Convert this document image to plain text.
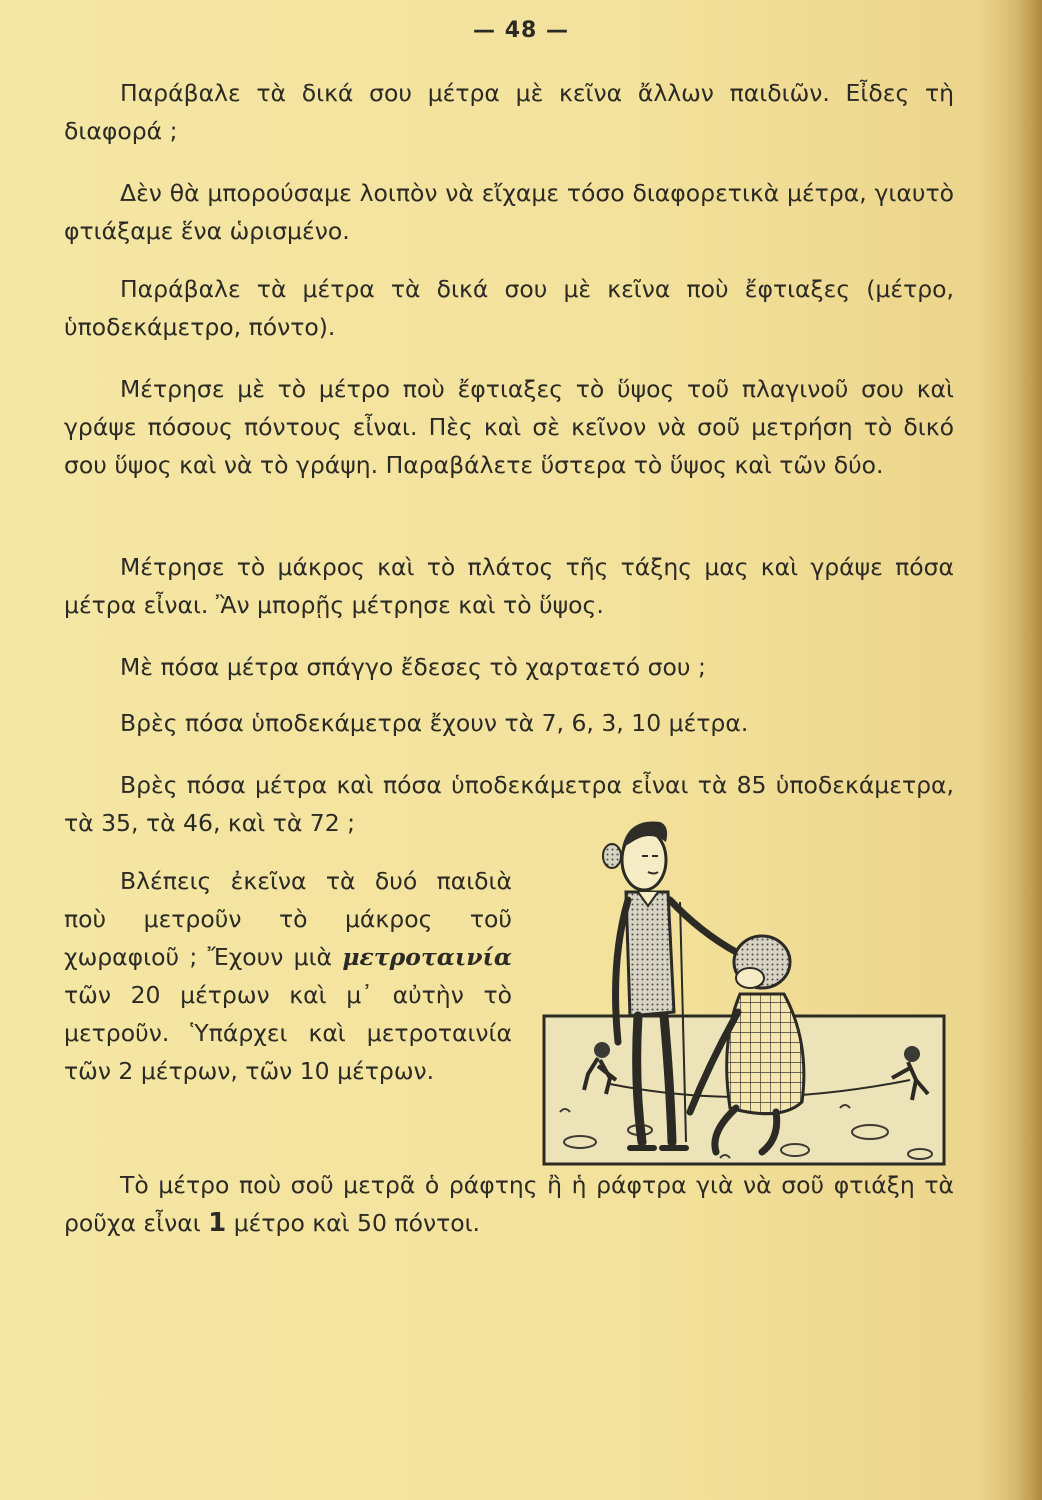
— 48 —

Παράβαλε τὰ δικά σου μέτρα μὲ κεῖνα ἄλλων παιδιῶν. Εἶδες τὴ διαφορά ;

Δὲν θὰ μπορούσαμε λοιπὸν νὰ εἴχαμε τόσο διαφορετικὰ μέτρα, γιαυτὸ φτιάξαμε ἕνα ὡρισμένο.

Παράβαλε τὰ μέτρα τὰ δικά σου μὲ κεῖνα ποὺ ἔφτιαξες (μέτρο, ὑποδεκάμετρο, πόντο).

Μέτρησε μὲ τὸ μέτρο ποὺ ἔφτιαξες τὸ ὕψος τοῦ πλαγινοῦ σου καὶ γράψε πόσους πόντους εἶναι. Πὲς καὶ σὲ κεῖνον νὰ σοῦ μετρήση τὸ δικό σου ὕψος καὶ νὰ τὸ γράψη. Παραβάλετε ὕστερα τὸ ὕψος καὶ τῶν δύο.

Μέτρησε τὸ μάκρος καὶ τὸ πλάτος τῆς τάξης μας καὶ γράψε πόσα μέτρα εἶναι. Ἂν μπορῇς μέτρησε καὶ τὸ ὕψος.

Μὲ πόσα μέτρα σπάγγο ἔδεσες τὸ χαρταετό σου ;

Βρὲς πόσα ὑποδεκάμετρα ἔχουν τὰ 7, 6, 3, 10 μέτρα.

Βρὲς πόσα μέτρα καὶ πόσα ὑποδεκάμετρα εἶναι τὰ 85 ὑποδεκάμετρα, τὰ 35, τὰ 46, καὶ τὰ 72 ;

Βλέπεις ἐκεῖνα τὰ δυό παιδιὰ ποὺ μετροῦν τὸ μάκρος τοῦ χωραφιοῦ ; Ἔχουν μιὰ μετροταινία τῶν 20 μέτρων καὶ μ᾽ αὐτὴν τὸ μετροῦν. Ὑπάρχει καὶ μετροταινία τῶν 2 μέτρων, τῶν 10 μέτρων.

Τὸ μέτρο ποὺ σοῦ μετρᾶ ὁ ράφτης ἢ ἡ ράφτρα γιὰ νὰ σοῦ φτιάξη τὰ ροῦχα εἶναι 1 μέτρο καὶ 50 πόντοι.
